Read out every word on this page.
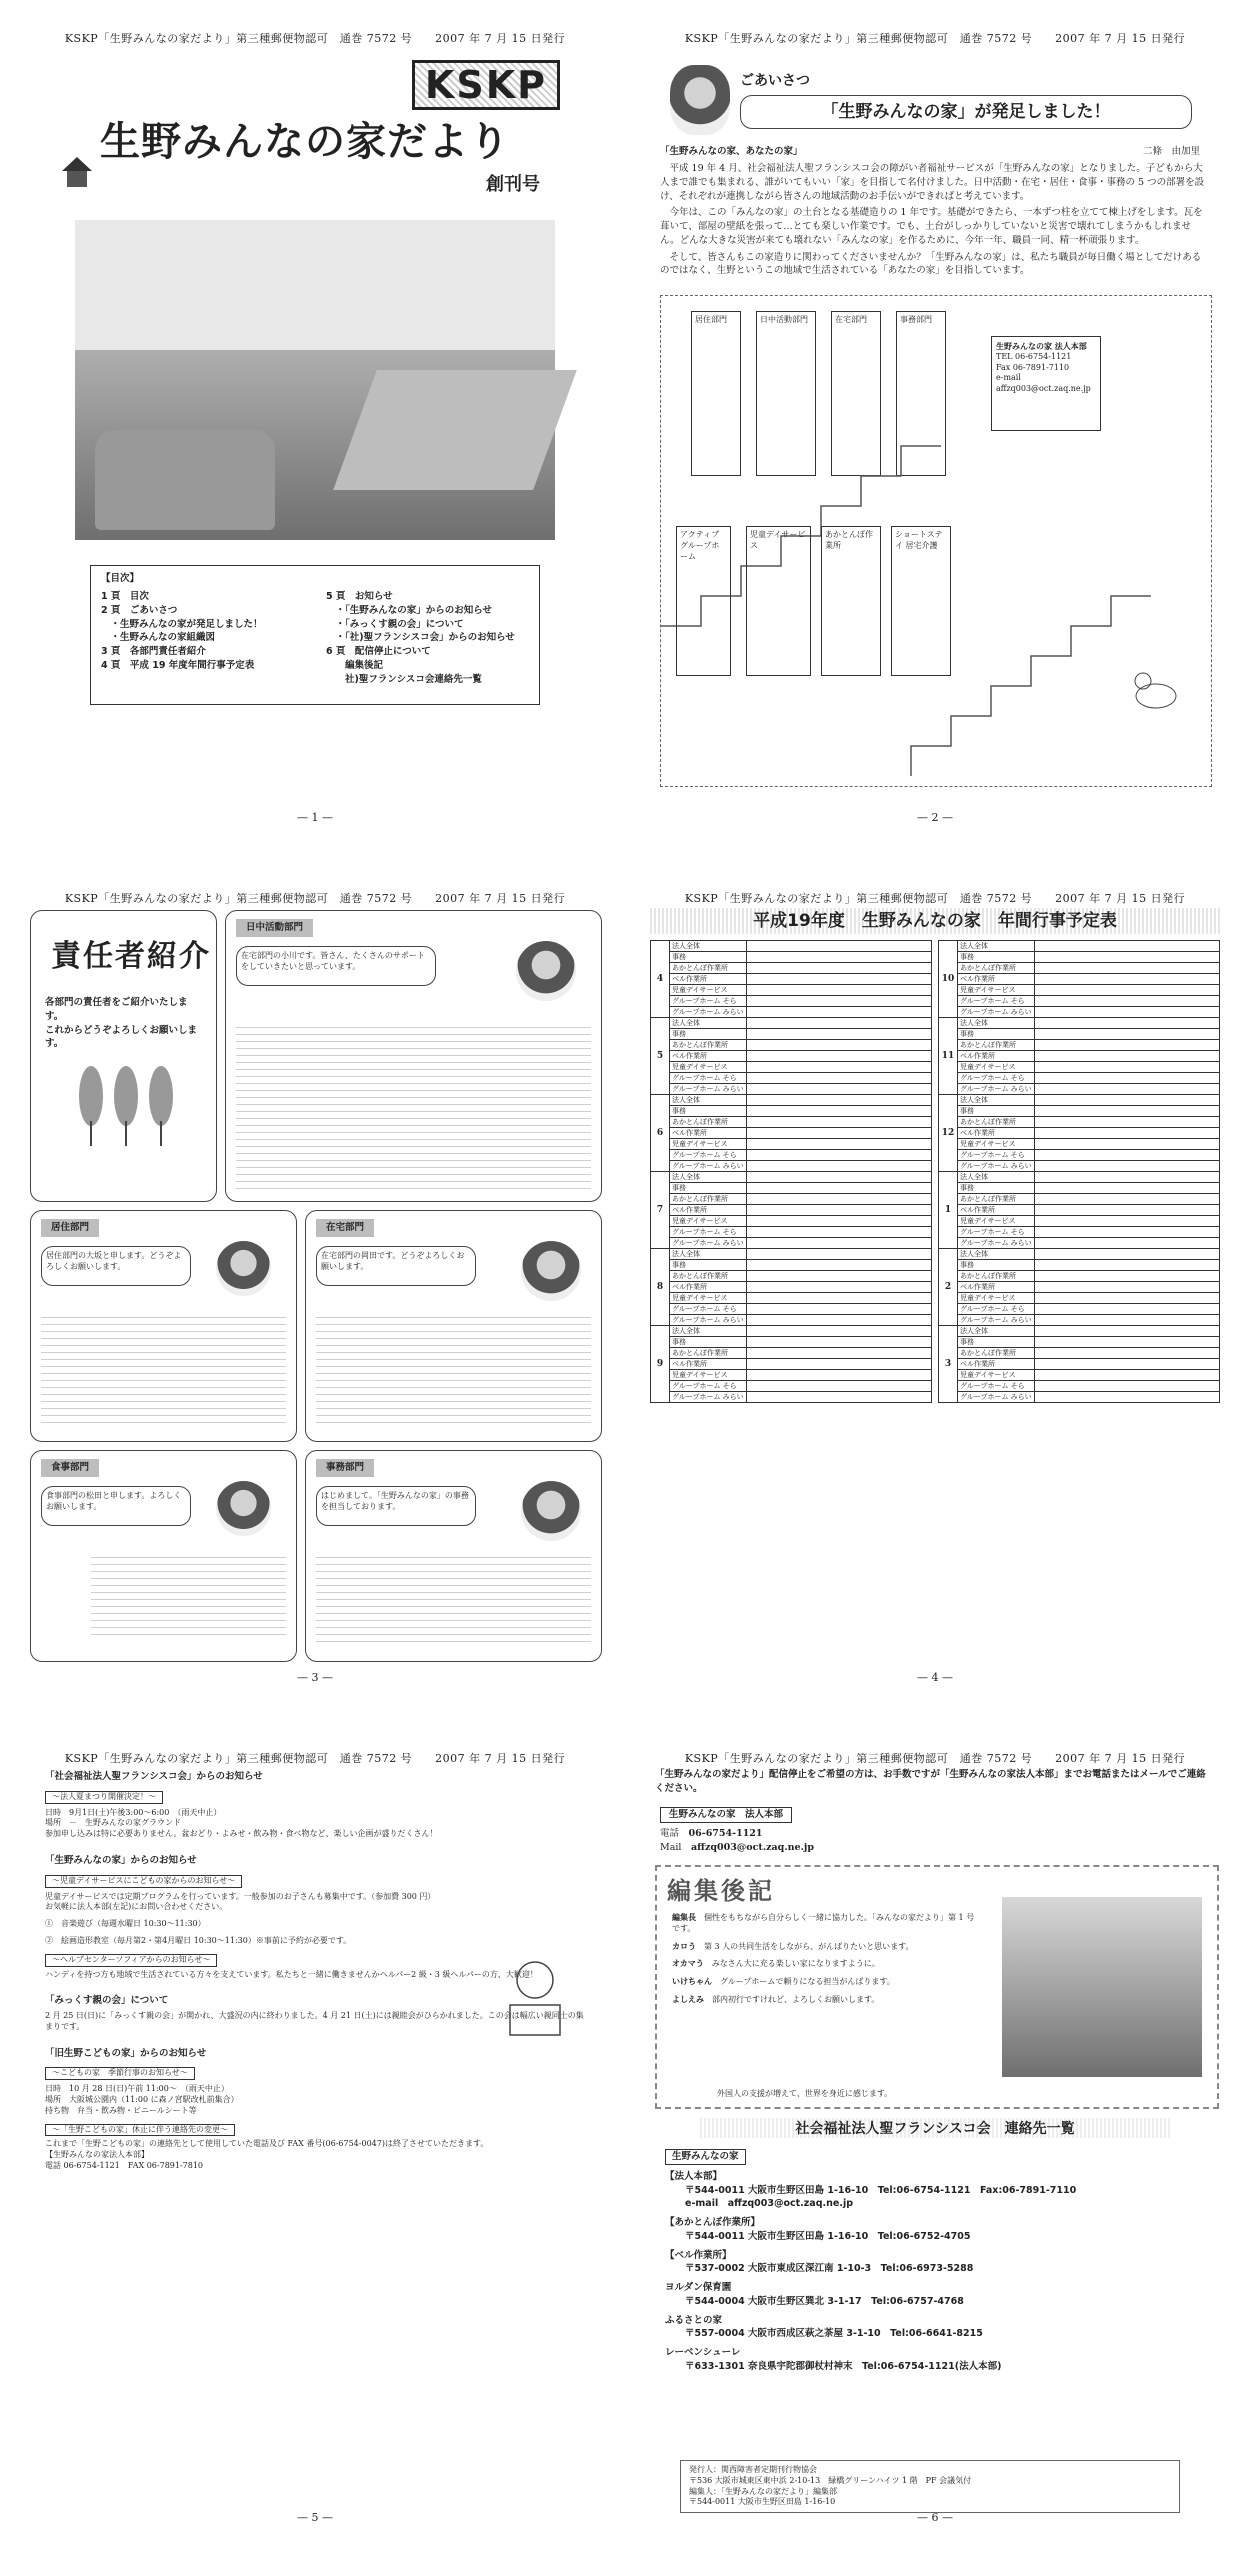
KSKP「生野みんなの家だより」第三種郵便物認可　通巻 7572 号　　2007 年 7 月 15 日発行
KSKP
生野みんなの家だより
創刊号
【目次】
1 頁　目次
2 頁　ごあいさつ
　・生野みんなの家が発足しました！
　・生野みんなの家組織図
3 頁　各部門責任者紹介
4 頁　平成 19 年度年間行事予定表
5 頁　お知らせ
　・「生野みんなの家」からのお知らせ
　・「みっくす親の会」について
　・「社)聖フランシスコ会」からのお知らせ
6 頁　配信停止について
　　編集後記
　　社)聖フランシスコ会連絡先一覧
— 1 —
KSKP「生野みんなの家だより」第三種郵便物認可　通巻 7572 号　　2007 年 7 月 15 日発行
ごあいさつ
「生野みんなの家」が発足しました！
「生野みんなの家、あなたの家」	二條　由加里

平成 19 年 4 月、社会福祉法人聖フランシスコ会の障がい者福祉サービスが「生野みんなの家」となりました。子どもから大人まで誰でも集まれる、誰がいてもいい「家」を目指して名付けました。日中活動・在宅・居住・食事・事務の 5 つの部署を設け、それぞれが連携しながら皆さんの地域活動のお手伝いができればと考えています。

今年は、この「みんなの家」の土台となる基礎造りの 1 年です。基礎ができたら、一本ずつ柱を立てて棟上げをします。瓦を葺いて、部屋の壁紙を張って…とても楽しい作業です。でも、土台がしっかりしていないと災害で壊れてしまうかもしれません。どんな大きな災害が来ても壊れない「みんなの家」を作るために、今年一年、職員一同、精一杯頑張ります。

そして、皆さんもこの家造りに関わってくださいませんか？「生野みんなの家」は、私たち職員が毎日働く場としてだけあるのではなく、生野というこの地域で生活されている「あなたの家」を目指しています。

居住部門	日中活動部門	在宅部門	事務部門
生野みんなの家 法人本部
TEL 06-6754-1121
Fax 06-7891-7110
e-mail
affzq003@oct.zaq.ne.jp
アクティブ グループホーム
児童デイサービス
あかとんぼ作業所
ショートステイ 居宅介護
— 2 —
KSKP「生野みんなの家だより」第三種郵便物認可　通巻 7572 号　　2007 年 7 月 15 日発行
責任者紹介
各部門の責任者をご紹介いたします。
これからどうぞよろしくお願いします。
日中活動部門
在宅部門の小川です。皆さん、たくさんのサポートをしていきたいと思っています。
居住部門
居住部門の大坂と申します。どうぞよろしくお願いします。
在宅部門
在宅部門の岡田です。どうぞよろしくお願いします。
食事部門
食事部門の松田と申します。よろしくお願いします。
事務部門
はじめまして。「生野みんなの家」の事務を担当しております。
— 3 —
KSKP「生野みんなの家だより」第三種郵便物認可　通巻 7572 号　　2007 年 7 月 15 日発行
平成19年度　生野みんなの家　年間行事予定表
4	法人全体	
	事務	
	あかとんぼ作業所	
	ベル作業所	
	児童デイサービス	
	グループホーム そら	
	グループホーム みらい	
5	法人全体	
	事務	
	あかとんぼ作業所	
	ベル作業所	
	児童デイサービス	
	グループホーム そら	
	グループホーム みらい	
6	法人全体	
	事務	
	あかとんぼ作業所	
	ベル作業所	
	児童デイサービス	
	グループホーム そら	
	グループホーム みらい	
7	法人全体	
	事務	
	あかとんぼ作業所	
	ベル作業所	
	児童デイサービス	
	グループホーム そら	
	グループホーム みらい	
8	法人全体	
	事務	
	あかとんぼ作業所	
	ベル作業所	
	児童デイサービス	
	グループホーム そら	
	グループホーム みらい	
9	法人全体	
	事務	
	あかとんぼ作業所	
	ベル作業所	
	児童デイサービス	
	グループホーム そら	
	グループホーム みらい	
10	法人全体	
	事務	
	あかとんぼ作業所	
	ベル作業所	
	児童デイサービス	
	グループホーム そら	
	グループホーム みらい	
11	法人全体	
	事務	
	あかとんぼ作業所	
	ベル作業所	
	児童デイサービス	
	グループホーム そら	
	グループホーム みらい	
12	法人全体	
	事務	
	あかとんぼ作業所	
	ベル作業所	
	児童デイサービス	
	グループホーム そら	
	グループホーム みらい	
1	法人全体	
	事務	
	あかとんぼ作業所	
	ベル作業所	
	児童デイサービス	
	グループホーム そら	
	グループホーム みらい	
2	法人全体	
	事務	
	あかとんぼ作業所	
	ベル作業所	
	児童デイサービス	
	グループホーム そら	
	グループホーム みらい	
3	法人全体	
	事務	
	あかとんぼ作業所	
	ベル作業所	
	児童デイサービス	
	グループホーム そら	
	グループホーム みらい	
— 4 —
KSKP「生野みんなの家だより」第三種郵便物認可　通巻 7572 号　　2007 年 7 月 15 日発行
「社会福祉法人聖フランシスコ会」からのお知らせ
～法人夏まつり開催決定！～
日時　9月1日(土)午後3:00～6:00　（雨天中止）
場所　－　生野みんなの家グラウンド
参加申し込みは特に必要ありません。盆おどり・よみせ・飲み物・食べ物など、楽しい企画が盛りだくさん！
「生野みんなの家」からのお知らせ
～児童デイサービスにこどもの家からのお知らせ～
児童デイサービスでは定期プログラムを行っています。一般参加のお子さんも募集中です。（参加費 300 円）
お気軽に法人本部(左記)にお問い合わせください。
①　音楽遊び（毎週水曜日 10:30～11:30）
②　絵画造形教室（毎月第2・第4月曜日 10:30～11:30）※事前に予約が必要です。
～ヘルプセンターソフィアからのお知らせ～
ハンディを持つ方も地域で生活されている方々を支えています。私たちと一緒に働きませんかヘルパー2 級・3 級ヘルパーの方、大歓迎！
「みっくす親の会」について
2 月 25 日(日)に「みっくす親の会」が開かれ、大盛況の内に終わりました。4 月 21 日(土)には親睦会がひらかれました。この会は幅広い親同士の集まりです。
「旧生野こどもの家」からのお知らせ
～こどもの家　季節行事のお知らせ～
日時　10 月 28 日(日)午前 11:00～　（雨天中止）
場所　大阪城公園内（11:00 に森ノ宮駅改札前集合）
持ち物　弁当・飲み物・ビニールシート等
～「生野こどもの家」休止に伴う連絡先の変更～
これまで「生野こどもの家」の連絡先として使用していた電話及び FAX 番号(06-6754-0047)は終了させていただきます。
【生野みんなの家法人本部】
電話 06-6754-1121　FAX 06-7891-7810
— 5 —
KSKP「生野みんなの家だより」第三種郵便物認可　通巻 7572 号　　2007 年 7 月 15 日発行
「生野みんなの家だより」配信停止をご希望の方は、お手数ですが「生野みんなの家法人本部」までお電話またはメールでご連絡ください。
生野みんなの家　法人本部
電話　 06-6754-1121
Mail　 affzq003@oct.zaq.ne.jp
編集後記
編集長　 個性をもちながら自分らしく一緒に協力した。「みんなの家だより」第 1 号です。
カロう　 第 3 人の共同生活をしながら、がんばりたいと思います。
オカマう　 みなさん大に充る楽しい家になりますように。
いけちゃん　 グループホームで頼りになる担当がんばります。
よしえみ　 部内初行ですけれど、よろしくお願いします。
外国人の支援が増えて、世界を身近に感じます。
社会福祉法人聖フランシスコ会　連絡先一覧
生野みんなの家
【法人本部】
〒544-0011 大阪市生野区田島 1-16-10　Tel:06-6754-1121　Fax:06-7891-7110
e-mail　affzq003@oct.zaq.ne.jp
【あかとんぼ作業所】
〒544-0011 大阪市生野区田島 1-16-10　Tel:06-6752-4705
【ベル作業所】
〒537-0002 大阪市東成区深江南 1-10-3　Tel:06-6973-5288
ヨルダン保育園
〒544-0004 大阪市生野区巽北 3-1-17　Tel:06-6757-4768
ふるさとの家
〒557-0004 大阪市西成区萩之茶屋 3-1-10　Tel:06-6641-8215
レーベンシューレ
〒633-1301 奈良県宇陀郡御杖村神末　Tel:06-6754-1121(法人本部)
発行人：関西障害者定期刊行物協会
〒536 大阪市城東区東中浜 2-10-13　緑橋グリーンハイツ 1 階　PF 会議気付
編集人：「生野みんなの家だより」編集部
〒544-0011 大阪市生野区田島 1-16-10
— 6 —
